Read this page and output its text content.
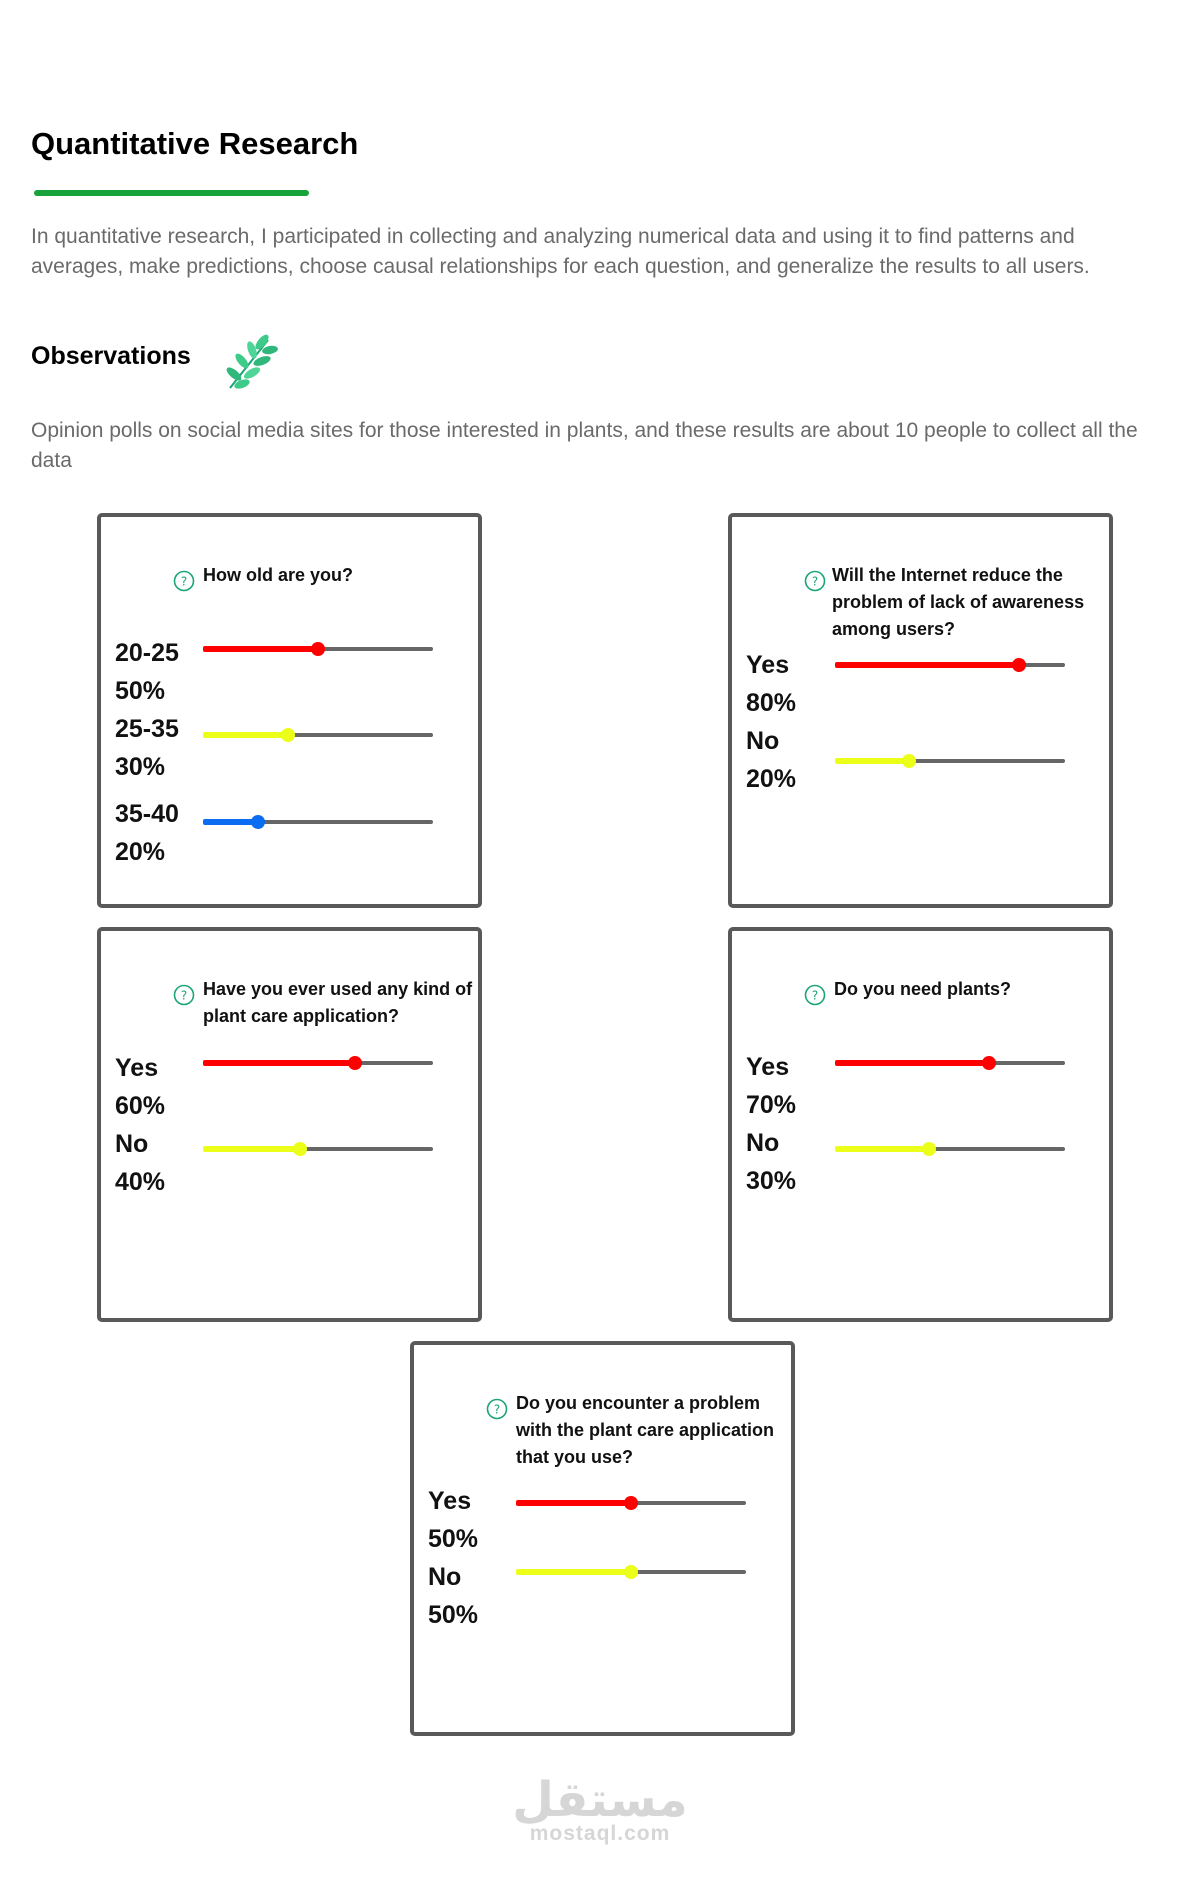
Quantitative Research

In quantitative research, I participated in collecting and analyzing numerical data and using it to find patterns and averages, make predictions, choose causal relationships for each question, and generalize the results to all users.

Observations

Opinion polls on social media sites for those interested in plants, and these results are about 10 people to collect all the data

? How old are you?

20-25
50%
25-35
30%
35-40
20%
? Will the Internet reduce the problem of lack of awareness among users?

Yes
80%
No
20%
? Have you ever used any kind of plant care application?

Yes
60%
No
40%
? Do you need plants?

Yes
70%
No
30%
? Do you encounter a problem with the plant care application that you use?

Yes
50%
No
50%
مستقل
mostaql.com
